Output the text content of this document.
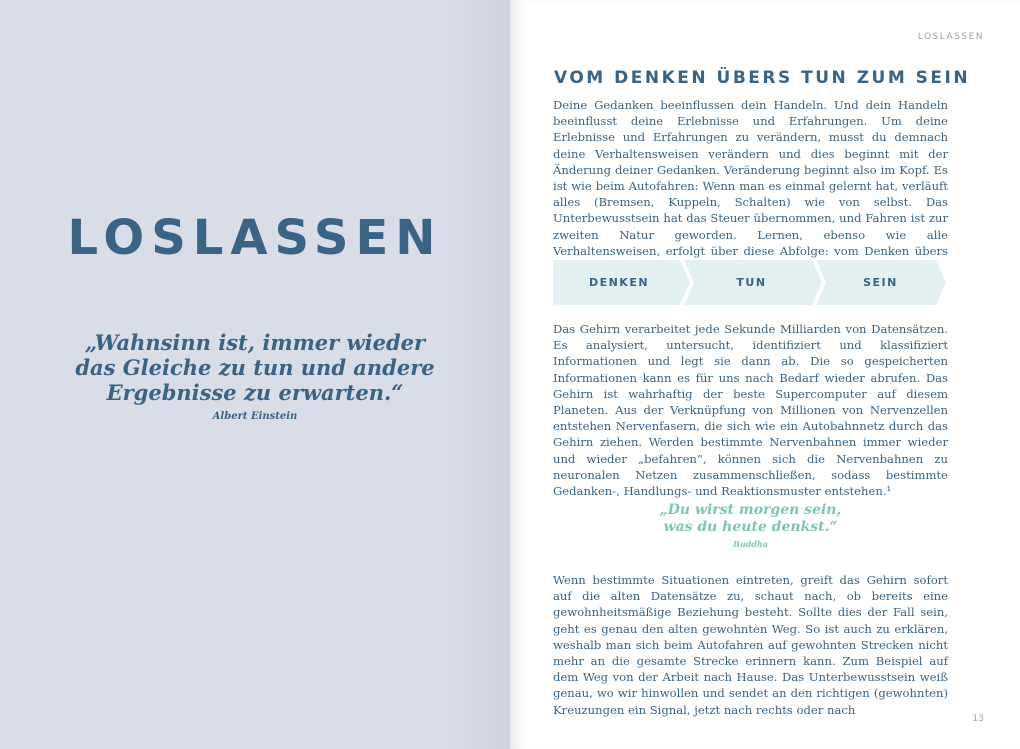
LOSLASSEN

„Wahnsinn ist, immer wieder
das Gleiche zu tun und andere
Ergebnisse zu erwarten.“

Albert Einstein
LOSLASSEN
VOM DENKEN ÜBERS TUN ZUM SEIN

Deine Gedanken beeinflussen dein Handeln. Und dein Handeln beeinflusst deine Erlebnisse und Erfahrungen. Um deine Erlebnisse und Erfahrungen zu verändern, musst du demnach deine Verhaltensweisen verändern und dies beginnt mit der Änderung deiner Gedanken. Veränderung beginnt also im Kopf. Es ist wie beim Autofahren: Wenn man es einmal gelernt hat, verläuft alles (Bremsen, Kuppeln, Schalten) wie von selbst. Das Unterbewusstsein hat das Steuer übernommen, und Fahren ist zur zweiten Natur geworden. Lernen, ebenso wie alle Verhaltensweisen, erfolgt über diese Abfolge: vom Denken übers

DENKEN	TUN	SEIN

Das Gehirn verarbeitet jede Sekunde Milliarden von Datensätzen. Es analysiert, untersucht, identifiziert und klassifiziert Informationen und legt sie dann ab. Die so gespeicherten Informationen kann es für uns nach Bedarf wieder abrufen. Das Gehirn ist wahrhaftig der beste Supercomputer auf diesem Planeten. Aus der Verknüpfung von Millionen von Nervenzellen entstehen Nervenfasern, die sich wie ein Autobahnnetz durch das Gehirn ziehen. Werden bestimmte Nervenbahnen immer wieder und wieder „befahren“, können sich die Nervenbahnen zu neuronalen Netzen zusammenschließen, sodass bestimmte Gedanken-, Handlungs- und Reaktionsmuster entstehen.¹

„Du wirst morgen sein,
was du heute denkst.“

Buddha

Wenn bestimmte Situationen eintreten, greift das Gehirn sofort auf die alten Datensätze zu, schaut nach, ob bereits eine gewohnheitsmäßige Beziehung besteht. Sollte dies der Fall sein, geht es genau den alten gewohnten Weg. So ist auch zu erklären, weshalb man sich beim Autofahren auf gewohnten Strecken nicht mehr an die gesamte Strecke erinnern kann. Zum Beispiel auf dem Weg von der Arbeit nach Hause. Das Unterbewusstsein weiß genau, wo wir hinwollen und sendet an den richtigen (gewohnten) Kreuzungen ein Signal, jetzt nach rechts oder nach

13
